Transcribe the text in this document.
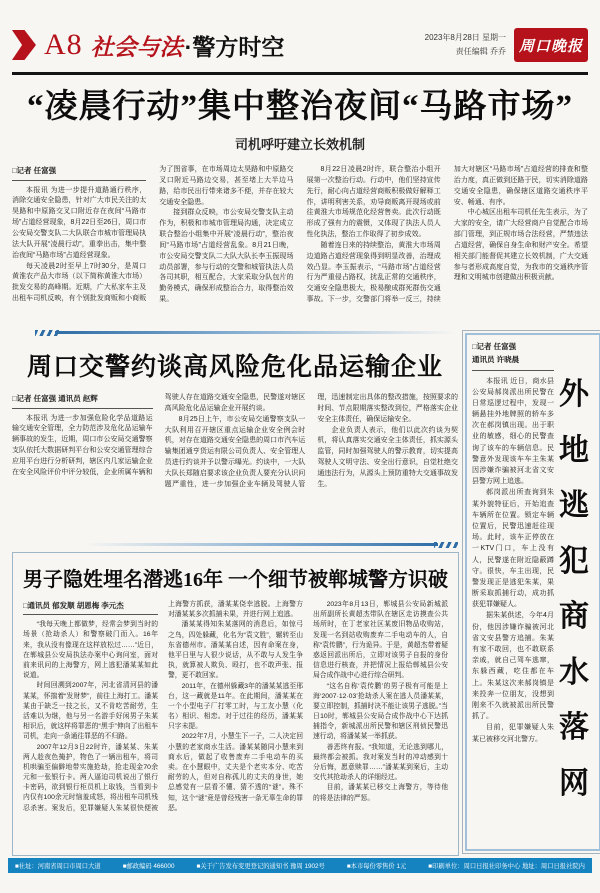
A8 社会与法·警方时空	2023年8月28日 星期一
责任编辑 乔乔 周口晚报
“凌晨行动”集中整治夜间“马路市场”
司机呼吁建立长效机制
□记者 任富强

本报讯 为进一步提升道路通行秩序，消除交通安全隐患，针对广大市民关注的太昊路和中原路交叉口附近存在夜间“马路市场”占道经营现象，8月22日至26日，周口市公安局交警支队二大队联合市城市管理局执法大队开展“凌晨行动”，重拳出击，集中整治夜间“马路市场”占道经营现象。

每天凌晨2时至早上7时30分，是周口黄淮农产品大市场（以下简称黄淮大市场）批发交易的高峰期。近期，广大私家车主及出租车司机反映，有个别批发商贩和小商贩为了图省事，在市场周边太昊路和中原路交叉口附近马路边交易，甚至堵上大半边马路，给市民出行带来诸多不便，并存在较大交通安全隐患。

接到群众反映，市公安局交警支队主动作为，积极和市城市管理局沟通，决定成立联合整治小组集中开展“凌晨行动”，整治夜间“马路市场”占道经营乱象。8月21日晚，市公安局交警支队二大队大队长李玉振现场动员部署，参与行动的交警和城管执法人员各司其职，相互配合，大家采取分队包片的勤务模式，确保形成整治合力，取得整治效果。

8月22日凌晨2时许，联合整治小组开展第一次整治行动。行动中，他们坚持宣传先行，耐心向占道经营商贩积极做好解释工作，讲明利害关系，劝导商贩离开现场或前往黄淮大市场规范化经营售卖。此次行动既形成了强有力的震慑，又体现了执法人员人性化执法，整治工作取得了初步成效。

随着连日来的持续整治，黄淮大市场周边道路占道经营现象得到明显改善，治理成效凸显。李玉振表示，“马路市场”占道经营行为严重侵占路权，扰乱正常的交通秩序，交通安全隐患极大，极易酿成群死群伤交通事故。下一步，交警部门将举一反三，持续加大对辖区“马路市场”占道经营的排查和整治力度，真正做到还路于民，切实消除道路交通安全隐患，确保辖区道路交通秩序平安、畅通、有序。

中心城区出租车司机任先生表示，为了大家的安全，请广大经营商户自觉配合市场部门管理，到正规市场合法经营，严禁违法占道经营，确保自身生命和财产安全。希望相关部门能督促其建立长效机制，广大交通参与者形成高度自觉，为我市的交通秩序管理和文明城市创建做出积极贡献。

周口交警约谈高风险危化品运输企业
□记者 任富强 通讯员 赵辉

本报讯 为进一步加强危险化学品道路运输交通安全管理，全力防范涉及危化品运输车辆事故的发生，近期，周口市公安局交通警察支队依托大数据研判平台和公安交通管理综合应用平台进行分析研判，辖区内几家运输企业在安全风险评价中评分较低，企业所属车辆和驾驶人存在道路交通安全隐患，民警遂对辖区高风险危化品运输企业开展约谈。

8月25日上午，市公安局交通警察支队一大队利用召开辖区重点运输企业安全例会时机，对存在道路交通安全隐患的周口市汽车运输集团通亨货运有限公司负责人、安全管理人员进行约谈并予以警示曝光。约谈中，一大队大队长郑随启要求该企业负责人要充分认识问题严重性，进一步加强企业车辆及驾驶人管理，迅速制定出具体的整改措施，按照要求的时间、节点限期落实整改到位，严格落实企业安全主体责任，确保运输安全。

企业负责人表示，他们以此次约谈为契机，将认真落实交通安全主体责任，抓实源头监管，同时加强驾驶人的警示教育，切实提高驾驶人文明守法、安全出行意识，自觉杜绝交通违法行为，从源头上预防重特大交通事故发生。

□记者 任富强
通讯员 许晓晨

本报讯 近日，商水县公安局郝岗派出所民警在日常巡逻过程中，发现一辆悬挂外地牌照的轿车多次在郝岗镇出现。出于职业的敏感，细心的民警查询了该车的车辆信息。民警意外发现该车车主朱某因涉嫌诈骗被河北省文安县警方网上追逃。

郝岗派出所查询到朱某外貌特征后，开始追查车辆所在位置。锁定车辆位置后，民警迅速赶往现场。此时，该车正停放在一KTV门口，车上没有人，民警遂在附近隐蔽蹲守。很快，车主出现，民警发现正是逃犯朱某，果断采取抓捕行动，成功抓获犯罪嫌疑人。

据朱某供述，今年4月份，他因涉嫌诈骗被河北省文安县警方追捕。朱某有家不敢回，也不敢联系亲戚，就自己驾车逃窜，东躲西藏，吃住都在车上。朱某这次来郝岗镇是来投奔一位朋友，没想到刚来不久就被派出所民警抓了。

目前，犯罪嫌疑人朱某已被移交河北警方。

外地逃犯商水落网
男子隐姓埋名潜逃16年 一个细节被郸城警方识破
□通讯员 郁发顺 胡恩梅 李元杰

“我每天晚上都做梦，经常会梦到当时的场景（抢劫杀人）和警察破门而入。16年来，我从没有像现在这样放松过……”近日，在郸城县公安局执法办案中心询问室，面对前来讯问的上海警方，网上逃犯潘某某如此说道。

时间回溯到2007年，河北省清河县的潘某某，怀揣着“发财梦”，前往上海打工。潘某某由于缺乏一技之长，又不肯吃苦耐劳，生活难以为继，他与另一名游手好闲男子朱某相识后，就这样将罪恶的“黑手”伸向了出租车司机，走向一条通往罪恶的不归路。

2007年12月3日22时许，潘某某、朱某两人趁夜色掩护，物色了一辆出租车，将司机哄骗至偏僻地带实施抢劫，抢走现金70余元和一张银行卡。两人逼迫司机说出了银行卡密码，欲到银行柜员机上取钱，当看到卡内仅有100余元时恼羞成怒，将出租车司机残忍杀害。案发后，犯罪嫌疑人朱某很快便被上海警方抓获，潘某某侥幸逃脱。上海警方对潘某某多次抓捕未果，并进行网上追逃。

潘某某得知朱某落网的消息后，如惊弓之鸟，四处躲藏，化名为“袁文胜”，辗转至山东省德州市。潘某某自述，因有命案在身，他平日里与人很少说话，从不敢与人发生争执，就算被人欺负、殴打，也不敢声张、报警，更不敢回家。

2011年，在德州躲藏3年的潘某某逃至邢台，这一藏就是11年。在此期间，潘某某在一个小型电子厂打零工时，与工友小慧（化名）相识、相恋。对于过往的经历，潘某某只字未提。

2022年7月，小慧生下一子，二人决定回小慧的老家商水生活。潘某某随同小慧来到商水后，做起了收售废弃二手电动车的买卖。在小慧眼中，丈夫是个老实本分、吃苦耐劳的人，但对自称孤儿的丈夫的身世，她总感觉有一层看不懂、猜不透的“谜”。殊不知，这个“谜”竟是曾经残害一条无辜生命的罪恶。

2023年8月13日，郸城县公安局新城派出所副所长黄超杰带队在辖区走访摸查公共场所时，在丁老家社区某废旧物品收购站，发现一名到站收购废弃二手电动车的人，自称“袁传鹏”，行为诡异。于是，黄超杰带着疑惑返回派出所后，立即对该男子自报的身份信息进行核查，并把情况上报给郸城县公安局合成作战中心进行综合研判。

“这名自称‘袁传鹏’的男子极有可能是上海‘2007·12·03’抢劫杀人案在逃人员潘某某，要立即控制，抓捕时决不能让该男子逃脱。”当日10时，郸城县公安局合成作战中心下达抓捕指令，新城派出所民警和辖区刑侦民警迅速行动，将潘某某一举抓获。

善恶终有报。“我知道，无论逃到哪儿，最终都会被抓。我对案发当时的冲动感到十分后悔，愿意赎罪……”潘某某到案后，主动交代其抢劫杀人的详细经过。

目前，潘某某已移交上海警方，等待他的将是法律的严惩。

■社址：河南省周口市周口大道	■邮政编码 466000	■关于广告发布变更登记的通知书 豫周 1902号	■本市每份零售价 1元	■印刷单位：周口日报社印务中心 地址：周口日报社院内
